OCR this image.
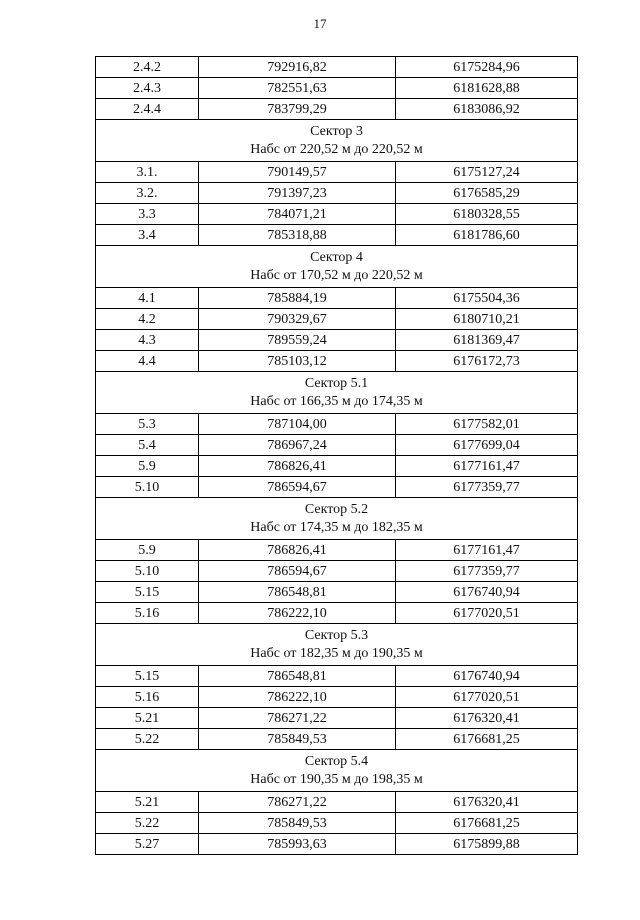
17
2.4.2	792916,82	6175284,96
2.4.3	782551,63	6181628,88
2.4.4	783799,29	6183086,92

Сектор 3
Набс от 220,52 м до 220,52 м		

3.1.	790149,57	6175127,24
3.2.	791397,23	6176585,29
3.3	784071,21	6180328,55
3.4	785318,88	6181786,60

Сектор 4
Набс от 170,52 м до 220,52 м		

4.1	785884,19	6175504,36
4.2	790329,67	6180710,21
4.3	789559,24	6181369,47
4.4	785103,12	6176172,73

Сектор 5.1
Набс от 166,35 м до 174,35 м		

5.3	787104,00	6177582,01
5.4	786967,24	6177699,04
5.9	786826,41	6177161,47
5.10	786594,67	6177359,77

Сектор 5.2
Набс от 174,35 м до 182,35 м		

5.9	786826,41	6177161,47
5.10	786594,67	6177359,77
5.15	786548,81	6176740,94
5.16	786222,10	6177020,51

Сектор 5.3
Набс от 182,35 м до 190,35 м		

5.15	786548,81	6176740,94
5.16	786222,10	6177020,51
5.21	786271,22	6176320,41
5.22	785849,53	6176681,25

Сектор 5.4
Набс от 190,35 м до 198,35 м		

5.21	786271,22	6176320,41
5.22	785849,53	6176681,25
5.27	785993,63	6175899,88
